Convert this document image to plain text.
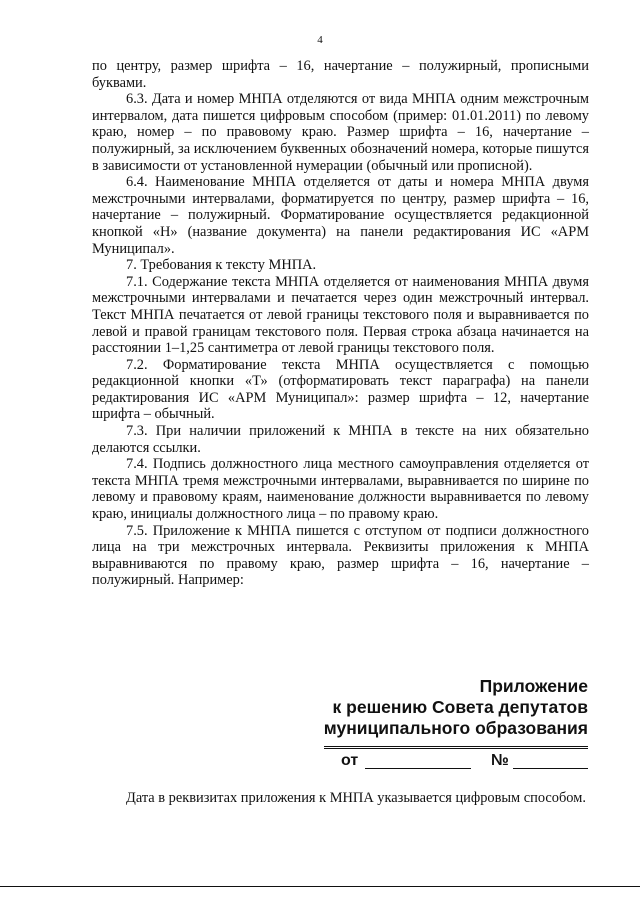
4

по центру, размер шрифта – 16, начертание – полужирный, прописными буквами.

6.3. Дата и номер МНПА отделяются от вида МНПА одним межстрочным интервалом, дата пишется цифровым способом (пример: 01.01.2011) по левому краю, номер – по правовому краю. Размер шрифта – 16, начертание – полужирный, за исключением буквенных обозначений номера, которые пишутся в зависимости от установленной нумерации (обычный или прописной).

6.4. Наименование МНПА отделяется от даты и номера МНПА двумя межстрочными интервалами, форматируется по центру, размер шрифта – 16, начертание – полужирный. Форматирование осуществляется редакционной кнопкой «Н» (название документа) на панели редактирования ИС «АРМ Муниципал».

7. Требования к тексту МНПА.

7.1. Содержание текста МНПА отделяется от наименования МНПА двумя межстрочными интервалами и печатается через один межстрочный интервал. Текст МНПА печатается от левой границы текстового поля и выравнивается по левой и правой границам текстового поля. Первая строка абзаца начинается на расстоянии 1–1,25 сантиметра от левой границы текстового поля.

7.2. Форматирование текста МНПА осуществляется с помощью редакционной кнопки «Т» (отформатировать текст параграфа) на панели редактирования ИС «АРМ Муниципал»: размер шрифта – 12, начертание шрифта – обычный.

7.3. При наличии приложений к МНПА в тексте на них обязательно делаются ссылки.

7.4. Подпись должностного лица местного самоуправления отделяется от текста МНПА тремя межстрочными интервалами, выравнивается по ширине по левому и правовому краям, наименование должности выравнивается по левому краю, инициалы должностного лица – по правому краю.

7.5. Приложение к МНПА пишется с отступом от подписи должностного лица на три межстрочных интервала. Реквизиты приложения к МНПА выравниваются по правому краю, размер шрифта – 16, начертание – полужирный. Например:

Приложение
к решению Совета депутатов
муниципального образования
от	№

Дата в реквизитах приложения к МНПА указывается цифровым способом.
